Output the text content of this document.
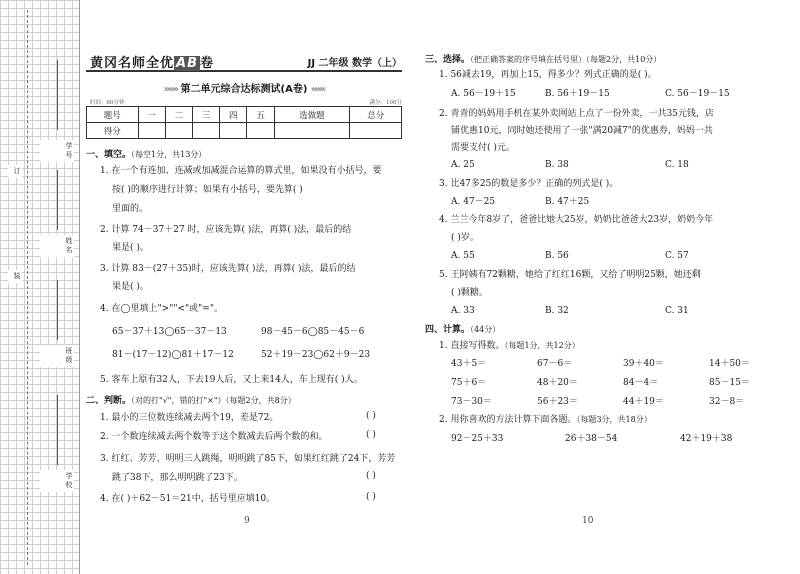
学号
姓名
班级
学校
订
装
黄冈名师全优 AB 卷	JJ 二年级 数学（上）
»»» 第二单元综合达标测试(A卷) «««
时间：60分钟	满分：100分
题号	一	二	三	四	五	选做题	总分
得分							
一、填空。（每空1分，共13分）
1. 在一个有连加、连减或加减混合运算的算式里，如果没有小括号，要
按( )的顺序进行计算；如果有小括号，要先算( )
里面的。
2. 计算 74－37＋27 时，应该先算( )法，再算( )法，最后的结
果是( )。
3. 计算 83－(27＋35)时，应该先算( )法，再算( )法，最后的结
果是( )。
4. 在◯里填上">""<"或"="。
65－37＋13◯65－37－13	98－45－6◯85－45－6
81－(17－12)◯81＋17－12	52＋19－23◯62＋9－23
5. 客车上原有32人，下去19人后，又上来14人，车上现有( )人。
二、判断。（对的打"√"，错的打"×"）（每题2分，共8分）
1. 最小的三位数连续减去两个19，差是72。	( )
2. 一个数连续减去两个数等于这个数减去后两个数的和。	( )
3. 红红、芳芳、明明三人跳绳，明明跳了85下，如果红红跳了24下，芳芳
跳了38下，那么明明跳了23下。	( )
4. 在( )＋62－51＝21中，括号里应填10。	( )
9
三、选择。（把正确答案的序号填在括号里）（每题2分，共10分）
1. 56减去19，再加上15，得多少？列式正确的是( )。
A. 56－19＋15	B. 56＋19－15	C. 56－19－15
2. 青青的妈妈用手机在某外卖网站上点了一份外卖，一共35元钱，店
铺优惠10元，同时她还使用了一张"满20减7"的优惠券，妈妈一共
需要支付( )元。
A. 25	B. 38	C. 18
3. 比47多25的数是多少？正确的列式是( )。
A. 47－25	B. 47＋25
4. 兰兰今年8岁了，爸爸比她大25岁，奶奶比爸爸大23岁，奶奶今年
( )岁。
A. 55	B. 56	C. 57
5. 王阿姨有72颗糖，她给了红红16颗，又给了明明25颗，她还剩
( )颗糖。
A. 33	B. 32	C. 31
四、计算。（44分）
1. 直接写得数。（每题1分，共12分）
43＋5＝	67－6＝	39＋40＝	14＋50＝
75＋6＝	48＋20＝	84－4＝	85－15＝
73－30＝	56＋23＝	44＋19＝	32－8＝
2. 用你喜欢的方法计算下面各题。（每题3分，共18分）
92－25＋33	26＋38－54	42＋19＋38
10
